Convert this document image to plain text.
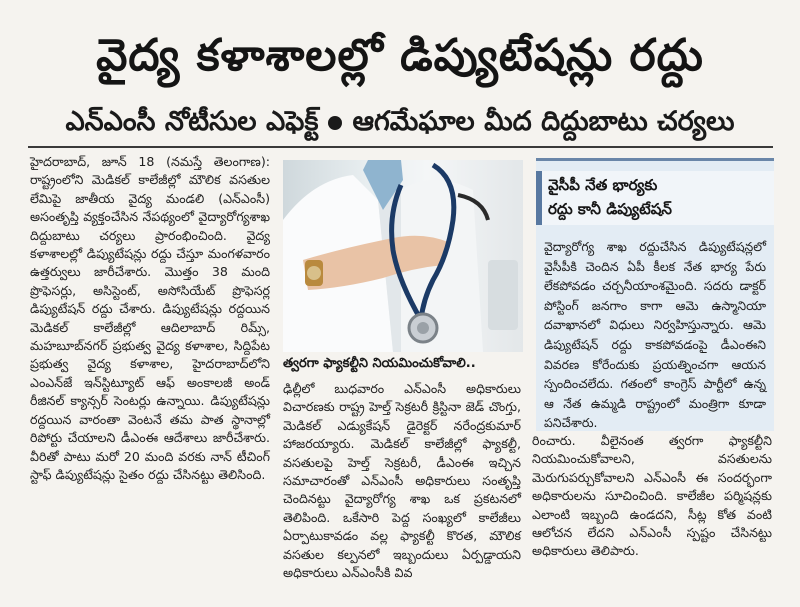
వైద్య కళాశాలల్లో డిప్యుటేషన్లు రద్దు
ఎన్‌ఎంసీ నోటీసుల ఎఫెక్ట్ ఆగమేఘాల మీద దిద్దుబాటు చర్యలు

హైదరాబాద్, జూన్ 18 (నమస్తే తెలంగాణ): రాష్ట్రంలోని మెడికల్ కాలేజీల్లో మౌలిక వసతుల లేమిపై జాతీయ వైద్య మండలి (ఎన్‌ఎంసీ) అసంతృప్తి వ్యక్తంచేసిన నేపథ్యంలో వైద్యారోగ్యశాఖ దిద్దుబాటు చర్యలు ప్రారంభించింది. వైద్య కళాశాలల్లో డిప్యుటేషన్లు రద్దు చేస్తూ మంగళవారం ఉత్తర్వులు జారీచేశారు. మొత్తం 38 మంది ప్రొఫెసర్లు, అసిస్టెంట్, అసోసియేట్ ప్రొఫెసర్ల డిప్యుటేషన్ రద్దు చేశారు. డిప్యుటేషన్లు రద్దయిన మెడికల్ కాలేజీల్లో ఆదిలాబాద్ రిమ్స్, మహబూబ్‌నగర్ ప్రభుత్వ వైద్య కళాశాల, సిద్దిపేట ప్రభుత్వ వైద్య కళాశాల, హైదరాబాద్‌లోని ఎంఎన్‌జే ఇన్‌స్టిట్యూట్ ఆఫ్ అంకాలజీ అండ్ రీజినల్ క్యాన్సర్ సెంటర్లు ఉన్నాయి. డిప్యుటేషన్లు రద్దయిన వారంతా వెంటనే తమ పాత స్థానాల్లో రిపోర్టు చేయాలని డీఎంఈ ఆదేశాలు జారీచేశారు. వీరితో పాటు మరో 20 మంది వరకు నాన్ టీచింగ్ స్టాఫ్ డిప్యుటేషన్లు సైతం రద్దు చేసినట్టు తెలిసింది.

త్వరగా ఫ్యాకల్టీని నియమించుకోవాలి..

ఢిల్లీలో బుధవారం ఎన్‌ఎంసీ అధికారులు విచారణకు రాష్ట్ర హెల్త్ సెక్రటరీ క్రిస్టినా జెడ్ చొంగ్తు, మెడికల్ ఎడ్యుకేషన్ డైరెక్టర్ నరేంద్రకుమార్ హాజరయ్యారు. మెడికల్ కాలేజీల్లో ఫ్యాకల్టీ, వసతులపై హెల్త్ సెక్రటరీ, డీఎంఈ ఇచ్చిన సమాచారంతో ఎన్‌ఎంసీ అధికారులు సంతృప్తి చెందినట్టు వైద్యారోగ్య శాఖ ఒక ప్రకటనలో తెలిపింది. ఒకేసారి పెద్ద సంఖ్యలో కాలేజీలు ఏర్పాటుకావడం వల్ల ఫ్యాకల్టీ కొరత, మౌలిక వసతుల కల్పనలో ఇబ్బందులు ఏర్పడ్డాయని అధికారులు ఎన్‌ఎంసీకి వివ

వైసీపీ నేత భార్యకు
రద్దు కానీ డిప్యుటేషన్
వైద్యారోగ్య శాఖ రద్దుచేసిన డిప్యుటేషన్లలో వైసీపీకి చెందిన ఏపీ కీలక నేత భార్య పేరు లేకపోవడం చర్చనీయాంశమైంది. సదరు డాక్టర్ పోస్టింగ్ జనగాం కాగా ఆమె ఉస్మానియా దవాఖానలో విధులు నిర్వహిస్తున్నారు. ఆమె డిప్యుటేషన్ రద్దు కాకపోవడంపై డీఎంఈని వివరణ కోరేందుకు ప్రయత్నించగా ఆయన స్పందించలేదు. గతంలో కాంగ్రెస్ పార్టీలో ఉన్న ఆ నేత ఉమ్మడి రాష్ట్రంలో మంత్రిగా కూడా పనిచేశారు.

రించారు. వీలైనంత త్వరగా ఫ్యాకల్టీని నియమించుకోవాలని, వసతులను మెరుగుపర్చుకోవాలని ఎన్‌ఎంసీ ఈ సందర్భంగా అధికారులను సూచించింది. కాలేజీల పర్మిషన్లకు ఎలాంటి ఇబ్బంది ఉండదని, సీట్ల కోత వంటి ఆలోచన లేదని ఎన్‌ఎంసీ స్పష్టం చేసినట్టు అధికారులు తెలిపారు.
